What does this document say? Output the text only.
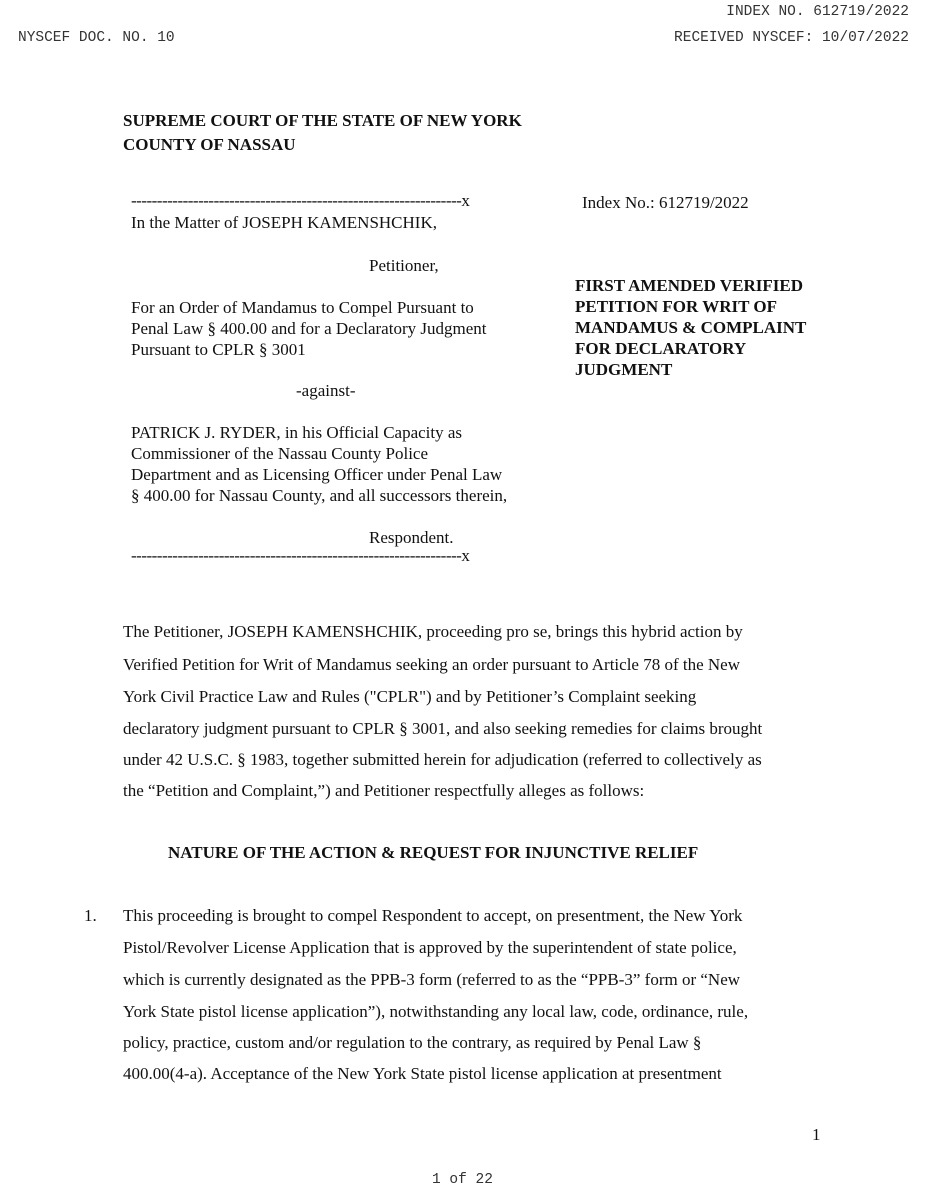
INDEX NO. 612719/2022
NYSCEF DOC. NO. 10	RECEIVED NYSCEF: 10/07/2022
SUPREME COURT OF THE STATE OF NEW YORK
COUNTY OF NASSAU
----------------------------------------------------------------x
In the Matter of JOSEPH KAMENSHCHIK,
Petitioner,
For an Order of Mandamus to Compel Pursuant to
Penal Law § 400.00 and for a Declaratory Judgment
Pursuant to CPLR § 3001
-against-
PATRICK J. RYDER, in his Official Capacity as
Commissioner of the Nassau County Police
Department and as Licensing Officer under Penal Law
§ 400.00 for Nassau County, and all successors therein,
Respondent.
----------------------------------------------------------------x
Index No.: 612719/2022
FIRST AMENDED VERIFIED
PETITION FOR WRIT OF
MANDAMUS & COMPLAINT
FOR DECLARATORY
JUDGMENT
The Petitioner, JOSEPH KAMENSHCHIK, proceeding pro se, brings this hybrid action by
Verified Petition for Writ of Mandamus seeking an order pursuant to Article 78 of the New
York Civil Practice Law and Rules ("CPLR") and by Petitioner’s Complaint seeking
declaratory judgment pursuant to CPLR § 3001, and also seeking remedies for claims brought
under 42 U.S.C. § 1983, together submitted herein for adjudication (referred to collectively as
the “Petition and Complaint,”) and Petitioner respectfully alleges as follows:
NATURE OF THE ACTION & REQUEST FOR INJUNCTIVE RELIEF
1. This proceeding is brought to compel Respondent to accept, on presentment, the New York
Pistol/Revolver License Application that is approved by the superintendent of state police,
which is currently designated as the PPB-3 form (referred to as the “PPB-3” form or “New
York State pistol license application”), notwithstanding any local law, code, ordinance, rule,
policy, practice, custom and/or regulation to the contrary, as required by Penal Law §
400.00(4-a). Acceptance of the New York State pistol license application at presentment
1
1 of 22
